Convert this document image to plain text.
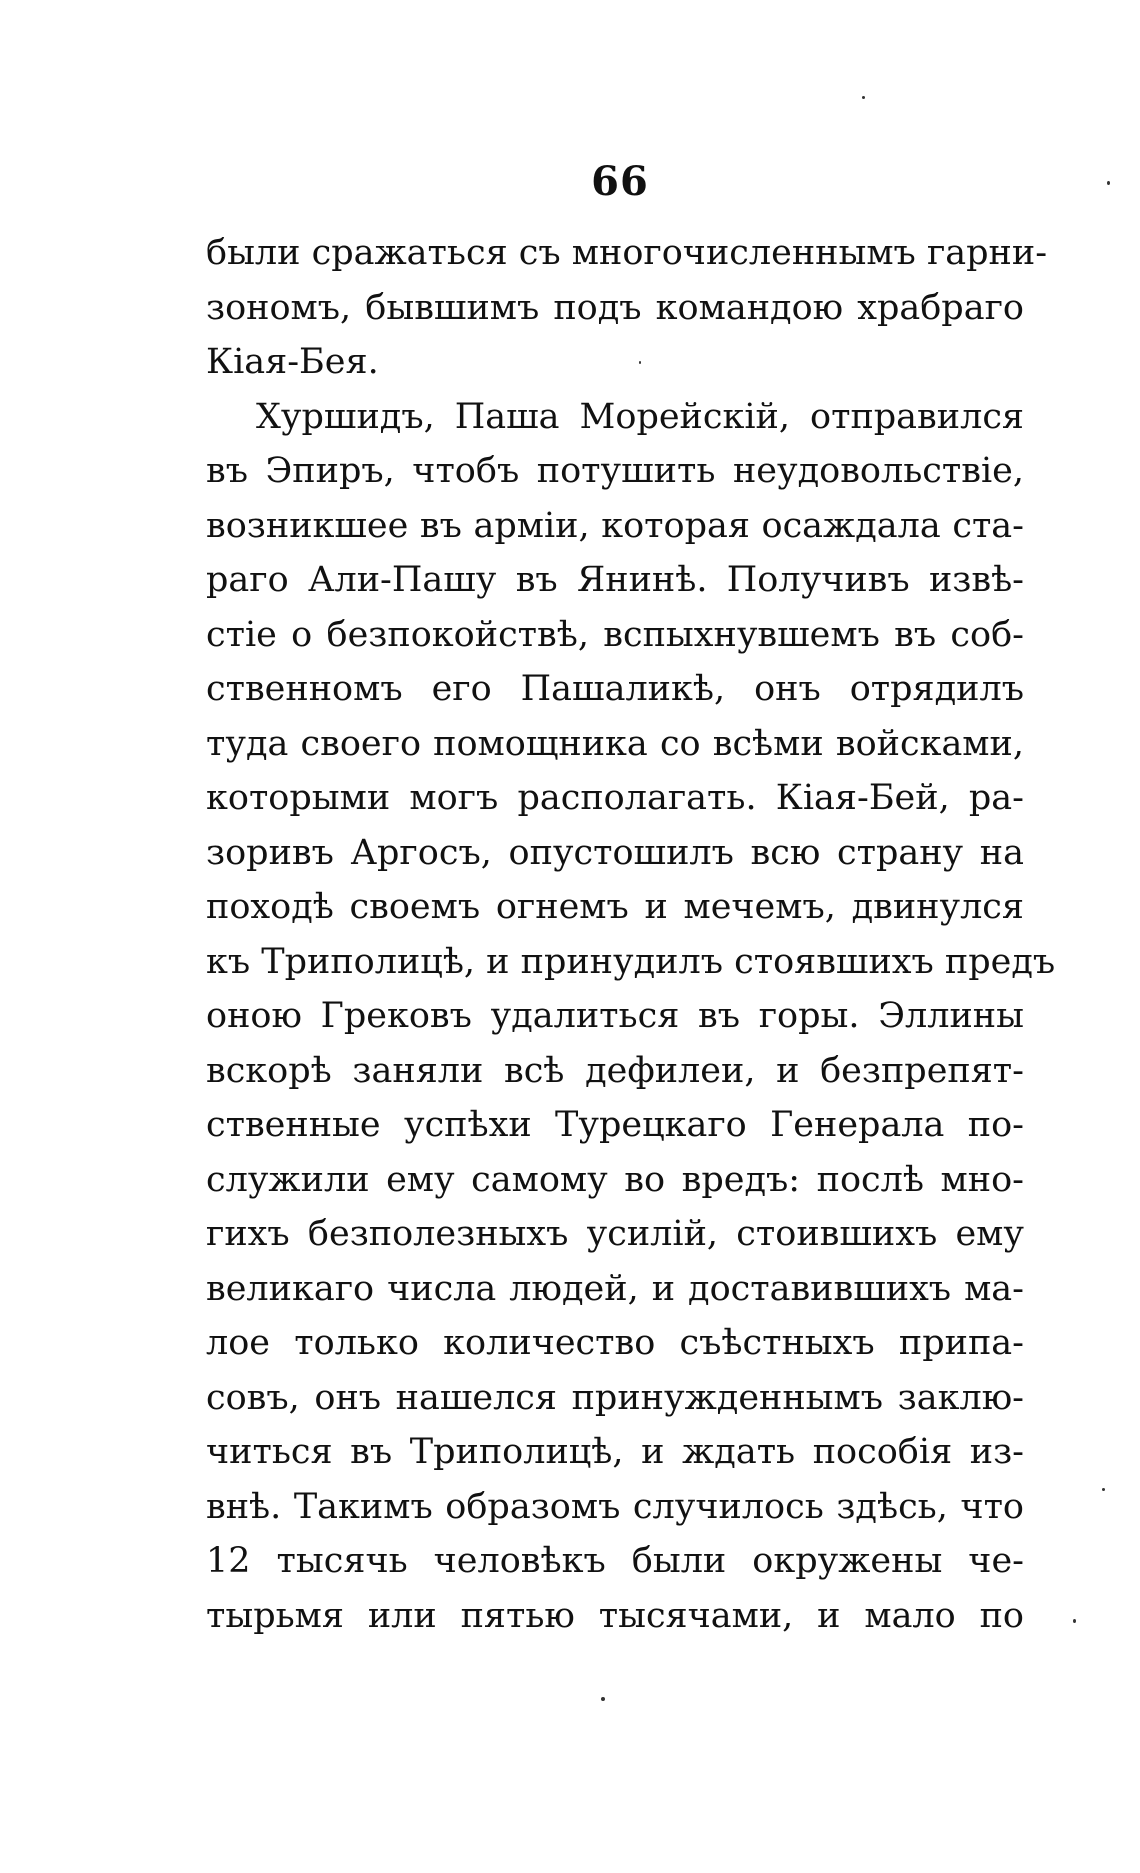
66
были сражаться съ многочисленнымъ гарни-
зономъ, бывшимъ подъ командою храбраго
Кіая-Бея.
Хуршидъ, Паша Морейскій, отправился
въ Эпиръ, чтобъ потушить неудовольствіе,
возникшее въ арміи, которая осаждала ста-
раго Али-Пашу въ Янинѣ. Получивъ извѣ-
стіе о безпокойствѣ, вспыхнувшемъ въ соб-
ственномъ его Пашаликѣ, онъ отрядилъ
туда своего помощника со всѣми войсками,
которыми могъ располагать. Кіая-Бей, ра-
зоривъ Аргосъ, опустошилъ всю страну на
походѣ своемъ огнемъ и мечемъ, двинулся
къ Триполицѣ, и принудилъ стоявшихъ предъ
оною Грековъ удалиться въ горы. Эллины
вскорѣ заняли всѣ дефилеи, и безпрепят-
ственные успѣхи Турецкаго Генерала по-
служили ему самому во вредъ: послѣ мно-
гихъ безполезныхъ усилій, стоившихъ ему
великаго числа людей, и доставившихъ ма-
лое только количество съѣстныхъ припа-
совъ, онъ нашелся принужденнымъ заклю-
читься въ Триполицѣ, и ждать пособія из-
внѣ. Такимъ образомъ случилось здѣсь, что
12 тысячь человѣкъ были окружены че-
тырьмя или пятью тысячами, и мало по
